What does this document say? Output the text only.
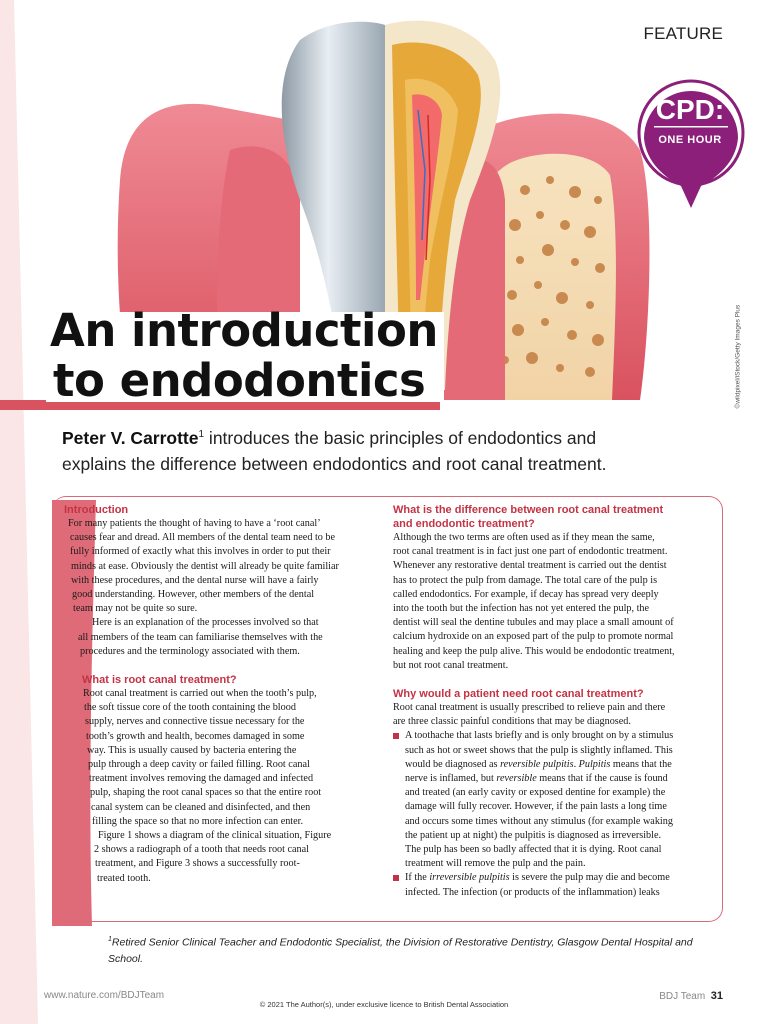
FEATURE
CPD:
ONE HOUR
©wildpixel/iStock/Getty Images Plus
An introduction
to endodontics
Peter V. Carrotte$^1$ introduces the basic principles of endodontics and
explains the difference between endodontics and root canal treatment.

Introduction

For many patients the thought of having to have a ‘root canal’

causes fear and dread. All members of the dental team need to be

fully informed of exactly what this involves in order to put their

minds at ease. Obviously the dentist will already be quite familiar

with these procedures, and the dental nurse will have a fairly

good understanding. However, other members of the dental

team may not be quite so sure.

Here is an explanation of the processes involved so that

all members of the team can familiarise themselves with the

procedures and the terminology associated with them.

What is root canal treatment?

Root canal treatment is carried out when the tooth’s pulp,

the soft tissue core of the tooth containing the blood

supply, nerves and connective tissue necessary for the

tooth’s growth and health, becomes damaged in some

way. This is usually caused by bacteria entering the

pulp through a deep cavity or failed filling. Root canal

treatment involves removing the damaged and infected

pulp, shaping the root canal spaces so that the entire root

canal system can be cleaned and disinfected, and then

filling the space so that no more infection can enter.

Figure 1 shows a diagram of the clinical situation, Figure

2 shows a radiograph of a tooth that needs root canal

treatment, and Figure 3 shows a successfully root-

treated tooth.

What is the difference between root canal treatment

and endodontic treatment?

Although the two terms are often used as if they mean the same,

root canal treatment is in fact just one part of endodontic treatment.

Whenever any restorative dental treatment is carried out the dentist

has to protect the pulp from damage. The total care of the pulp is

called endodontics. For example, if decay has spread very deeply

into the tooth but the infection has not yet entered the pulp, the

dentist will seal the dentine tubules and may place a small amount of

calcium hydroxide on an exposed part of the pulp to promote normal

healing and keep the pulp alive. This would be endodontic treatment,

but not root canal treatment.

Why would a patient need root canal treatment?

Root canal treatment is usually prescribed to relieve pain and there

are three classic painful conditions that may be diagnosed.

A toothache that lasts briefly and is only brought on by a stimulus

such as hot or sweet shows that the pulp is slightly inflamed. This

would be diagnosed as reversible pulpitis. Pulpitis means that the

nerve is inflamed, but reversible means that if the cause is found

and treated (an early cavity or exposed dentine for example) the

damage will fully recover. However, if the pain lasts a long time

and occurs some times without any stimulus (for example waking

the patient up at night) the pulpitis is diagnosed as irreversible.

The pulp has been so badly affected that it is dying. Root canal

treatment will remove the pulp and the pain.

If the irreversible pulpitis is severe the pulp may die and become

infected. The infection (or products of the inflammation) leaks

$^1$Retired Senior Clinical Teacher and Endodontic Specialist, the Division of Restorative Dentistry, Glasgow Dental Hospital and School.
www.nature.com/BDJTeam
© 2021 The Author(s), under exclusive licence to British Dental Association
BDJ Team 31
